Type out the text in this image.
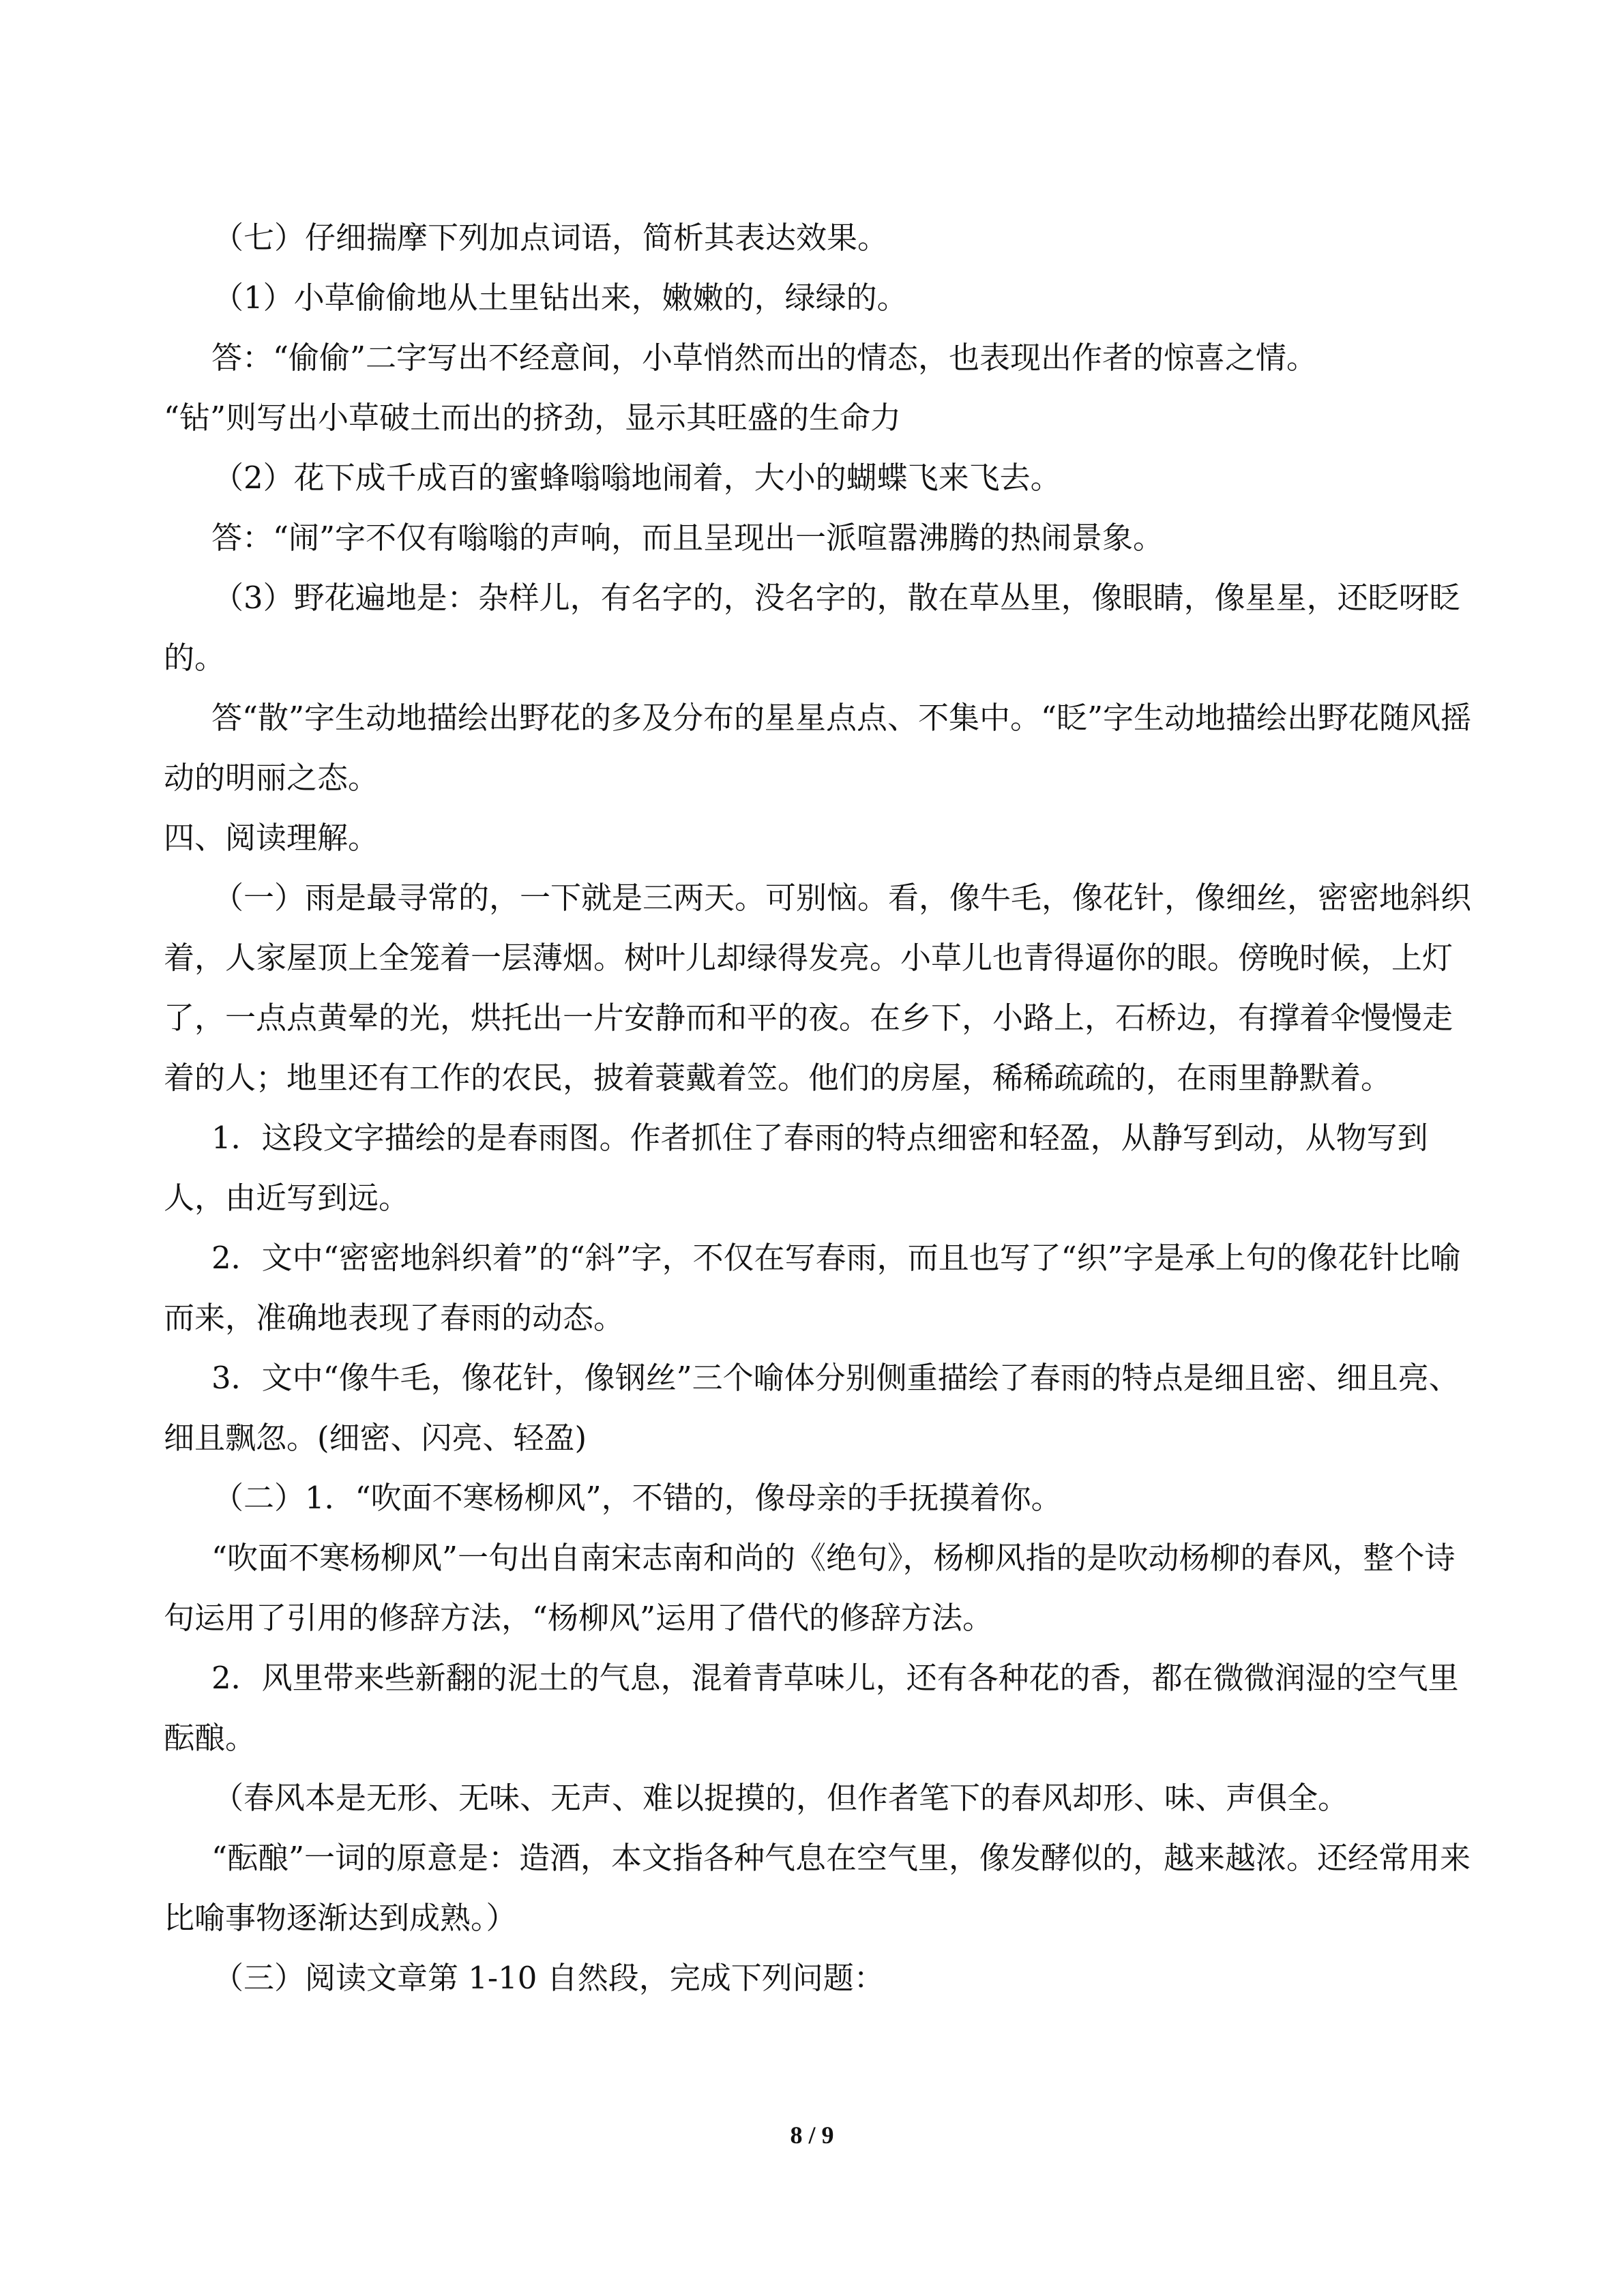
（七）仔细揣摩下列加点词语，简析其表达效果。

（1）小草偷偷地从土里钻出来，嫩嫩的，绿绿的。

答：“偷偷”二字写出不经意间，小草悄然而出的情态，也表现出作者的惊喜之情。

“钻”则写出小草破土而出的挤劲，显示其旺盛的生命力

（2）花下成千成百的蜜蜂嗡嗡地闹着，大小的蝴蝶飞来飞去。

答：“闹”字不仅有嗡嗡的声响，而且呈现出一派喧嚣沸腾的热闹景象。

（3）野花遍地是：杂样儿，有名字的，没名字的，散在草丛里，像眼睛，像星星，还眨呀眨的。

答“散”字生动地描绘出野花的多及分布的星星点点、不集中。“眨”字生动地描绘出野花随风摇动的明丽之态。

四、阅读理解。

（一）雨是最寻常的，一下就是三两天。可别恼。看，像牛毛，像花针，像细丝，密密地斜织着，人家屋顶上全笼着一层薄烟。树叶儿却绿得发亮。小草儿也青得逼你的眼。傍晚时候，上灯了，一点点黄晕的光，烘托出一片安静而和平的夜。在乡下，小路上，石桥边，有撑着伞慢慢走着的人；地里还有工作的农民，披着蓑戴着笠。他们的房屋，稀稀疏疏的，在雨里静默着。

1．这段文字描绘的是春雨图。作者抓住了春雨的特点细密和轻盈，从静写到动，从物写到人，由近写到远。

2．文中“密密地斜织着”的“斜”字，不仅在写春雨，而且也写了“织”字是承上句的像花针比喻而来，准确地表现了春雨的动态。

3．文中“像牛毛，像花针，像钢丝”三个喻体分别侧重描绘了春雨的特点是细且密、细且亮、细且飘忽。(细密、闪亮、轻盈)

（二）1．“吹面不寒杨柳风”，不错的，像母亲的手抚摸着你。

“吹面不寒杨柳风”一句出自南宋志南和尚的《绝句》，杨柳风指的是吹动杨柳的春风，整个诗句运用了引用的修辞方法，“杨柳风”运用了借代的修辞方法。

2．风里带来些新翻的泥土的气息，混着青草味儿，还有各种花的香，都在微微润湿的空气里酝酿。

（春风本是无形、无味、无声、难以捉摸的，但作者笔下的春风却形、味、声俱全。

“酝酿”一词的原意是：造酒，本文指各种气息在空气里，像发酵似的，越来越浓。还经常用来比喻事物逐渐达到成熟。）

（三）阅读文章第 1-10 自然段，完成下列问题：

8 / 9
